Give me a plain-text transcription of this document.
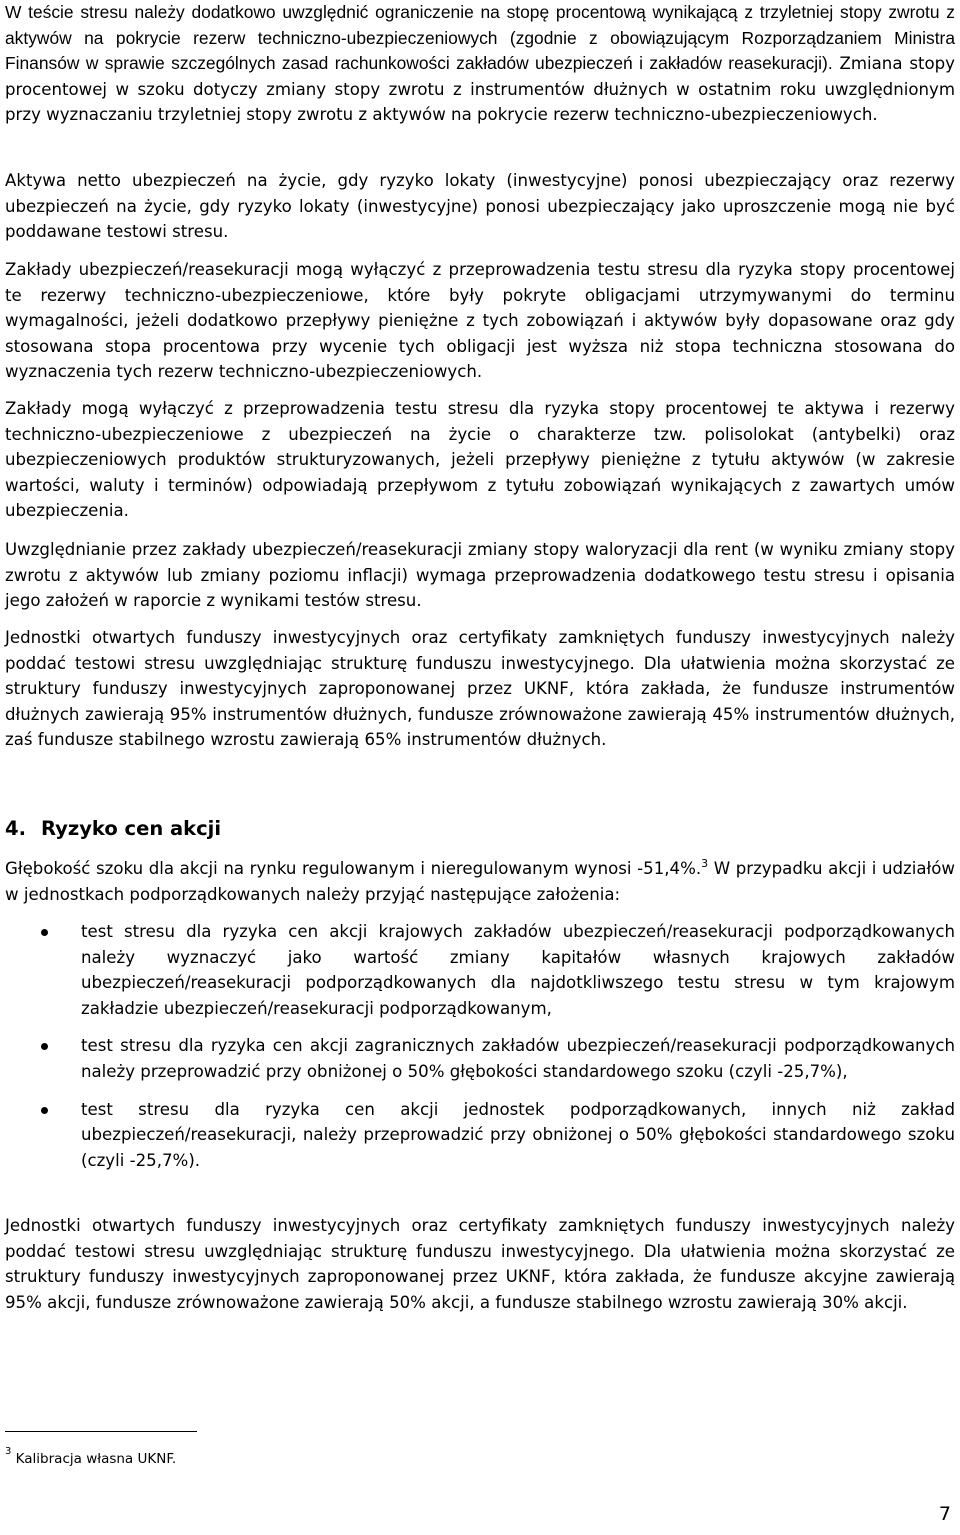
W teście stresu należy dodatkowo uwzględnić ograniczenie na stopę procentową wynikającą z trzyletniej stopy zwrotu z aktywów na pokrycie rezerw techniczno-ubezpieczeniowych (zgodnie z obowiązującym Rozporządzaniem Ministra Finansów w sprawie szczególnych zasad rachunkowości zakładów ubezpieczeń i zakładów reasekuracji). Zmiana stopy procentowej w szoku dotyczy zmiany stopy zwrotu z instrumentów dłużnych w ostatnim roku uwzględnionym przy wyznaczaniu trzyletniej stopy zwrotu z aktywów na pokrycie rezerw techniczno-ubezpieczeniowych.

Aktywa netto ubezpieczeń na życie, gdy ryzyko lokaty (inwestycyjne) ponosi ubezpieczający oraz rezerwy ubezpieczeń na życie, gdy ryzyko lokaty (inwestycyjne) ponosi ubezpieczający jako uproszczenie mogą nie być poddawane testowi stresu.

Zakłady ubezpieczeń/reasekuracji mogą wyłączyć z przeprowadzenia testu stresu dla ryzyka stopy procentowej te rezerwy techniczno-ubezpieczeniowe, które były pokryte obligacjami utrzymywanymi do terminu wymagalności, jeżeli dodatkowo przepływy pieniężne z tych zobowiązań i aktywów były dopasowane oraz gdy stosowana stopa procentowa przy wycenie tych obligacji jest wyższa niż stopa techniczna stosowana do wyznaczenia tych rezerw techniczno-ubezpieczeniowych.

Zakłady mogą wyłączyć z przeprowadzenia testu stresu dla ryzyka stopy procentowej te aktywa i rezerwy techniczno-ubezpieczeniowe z ubezpieczeń na życie o charakterze tzw. polisolokat (antybelki) oraz ubezpieczeniowych produktów strukturyzowanych, jeżeli przepływy pieniężne z tytułu aktywów (w zakresie wartości, waluty i terminów) odpowiadają przepływom z tytułu zobowiązań wynikających z zawartych umów ubezpieczenia.

Uwzględnianie przez zakłady ubezpieczeń/reasekuracji zmiany stopy waloryzacji dla rent (w wyniku zmiany stopy zwrotu z aktywów lub zmiany poziomu inflacji) wymaga przeprowadzenia dodatkowego testu stresu i opisania jego założeń w raporcie z wynikami testów stresu.

Jednostki otwartych funduszy inwestycyjnych oraz certyfikaty zamkniętych funduszy inwestycyjnych należy poddać testowi stresu uwzględniając strukturę funduszu inwestycyjnego. Dla ułatwienia można skorzystać ze struktury funduszy inwestycyjnych zaproponowanej przez UKNF, która zakłada, że fundusze instrumentów dłużnych zawierają 95% instrumentów dłużnych, fundusze zrównoważone zawierają 45% instrumentów dłużnych, zaś fundusze stabilnego wzrostu zawierają 65% instrumentów dłużnych.

4. Ryzyko cen akcji

Głębokość szoku dla akcji na rynku regulowanym i nieregulowanym wynosi -51,4%.$^3$ W przypadku akcji i udziałów w jednostkach podporządkowanych należy przyjąć następujące założenia:

test stresu dla ryzyka cen akcji krajowych zakładów ubezpieczeń/reasekuracji podporządkowanych należy wyznaczyć jako wartość zmiany kapitałów własnych krajowych zakładów ubezpieczeń/reasekuracji podporządkowanych dla najdotkliwszego testu stresu w tym krajowym zakładzie ubezpieczeń/reasekuracji podporządkowanym,
test stresu dla ryzyka cen akcji zagranicznych zakładów ubezpieczeń/reasekuracji podporządkowanych należy przeprowadzić przy obniżonej o 50% głębokości standardowego szoku (czyli -25,7%),
test stresu dla ryzyka cen akcji jednostek podporządkowanych, innych niż zakład ubezpieczeń/reasekuracji, należy przeprowadzić przy obniżonej o 50% głębokości standardowego szoku (czyli -25,7%).

Jednostki otwartych funduszy inwestycyjnych oraz certyfikaty zamkniętych funduszy inwestycyjnych należy poddać testowi stresu uwzględniając strukturę funduszu inwestycyjnego. Dla ułatwienia można skorzystać ze struktury funduszy inwestycyjnych zaproponowanej przez UKNF, która zakłada, że fundusze akcyjne zawierają 95% akcji, fundusze zrównoważone zawierają 50% akcji, a fundusze stabilnego wzrostu zawierają 30% akcji.

$^3$ Kalibracja własna UKNF.
7
